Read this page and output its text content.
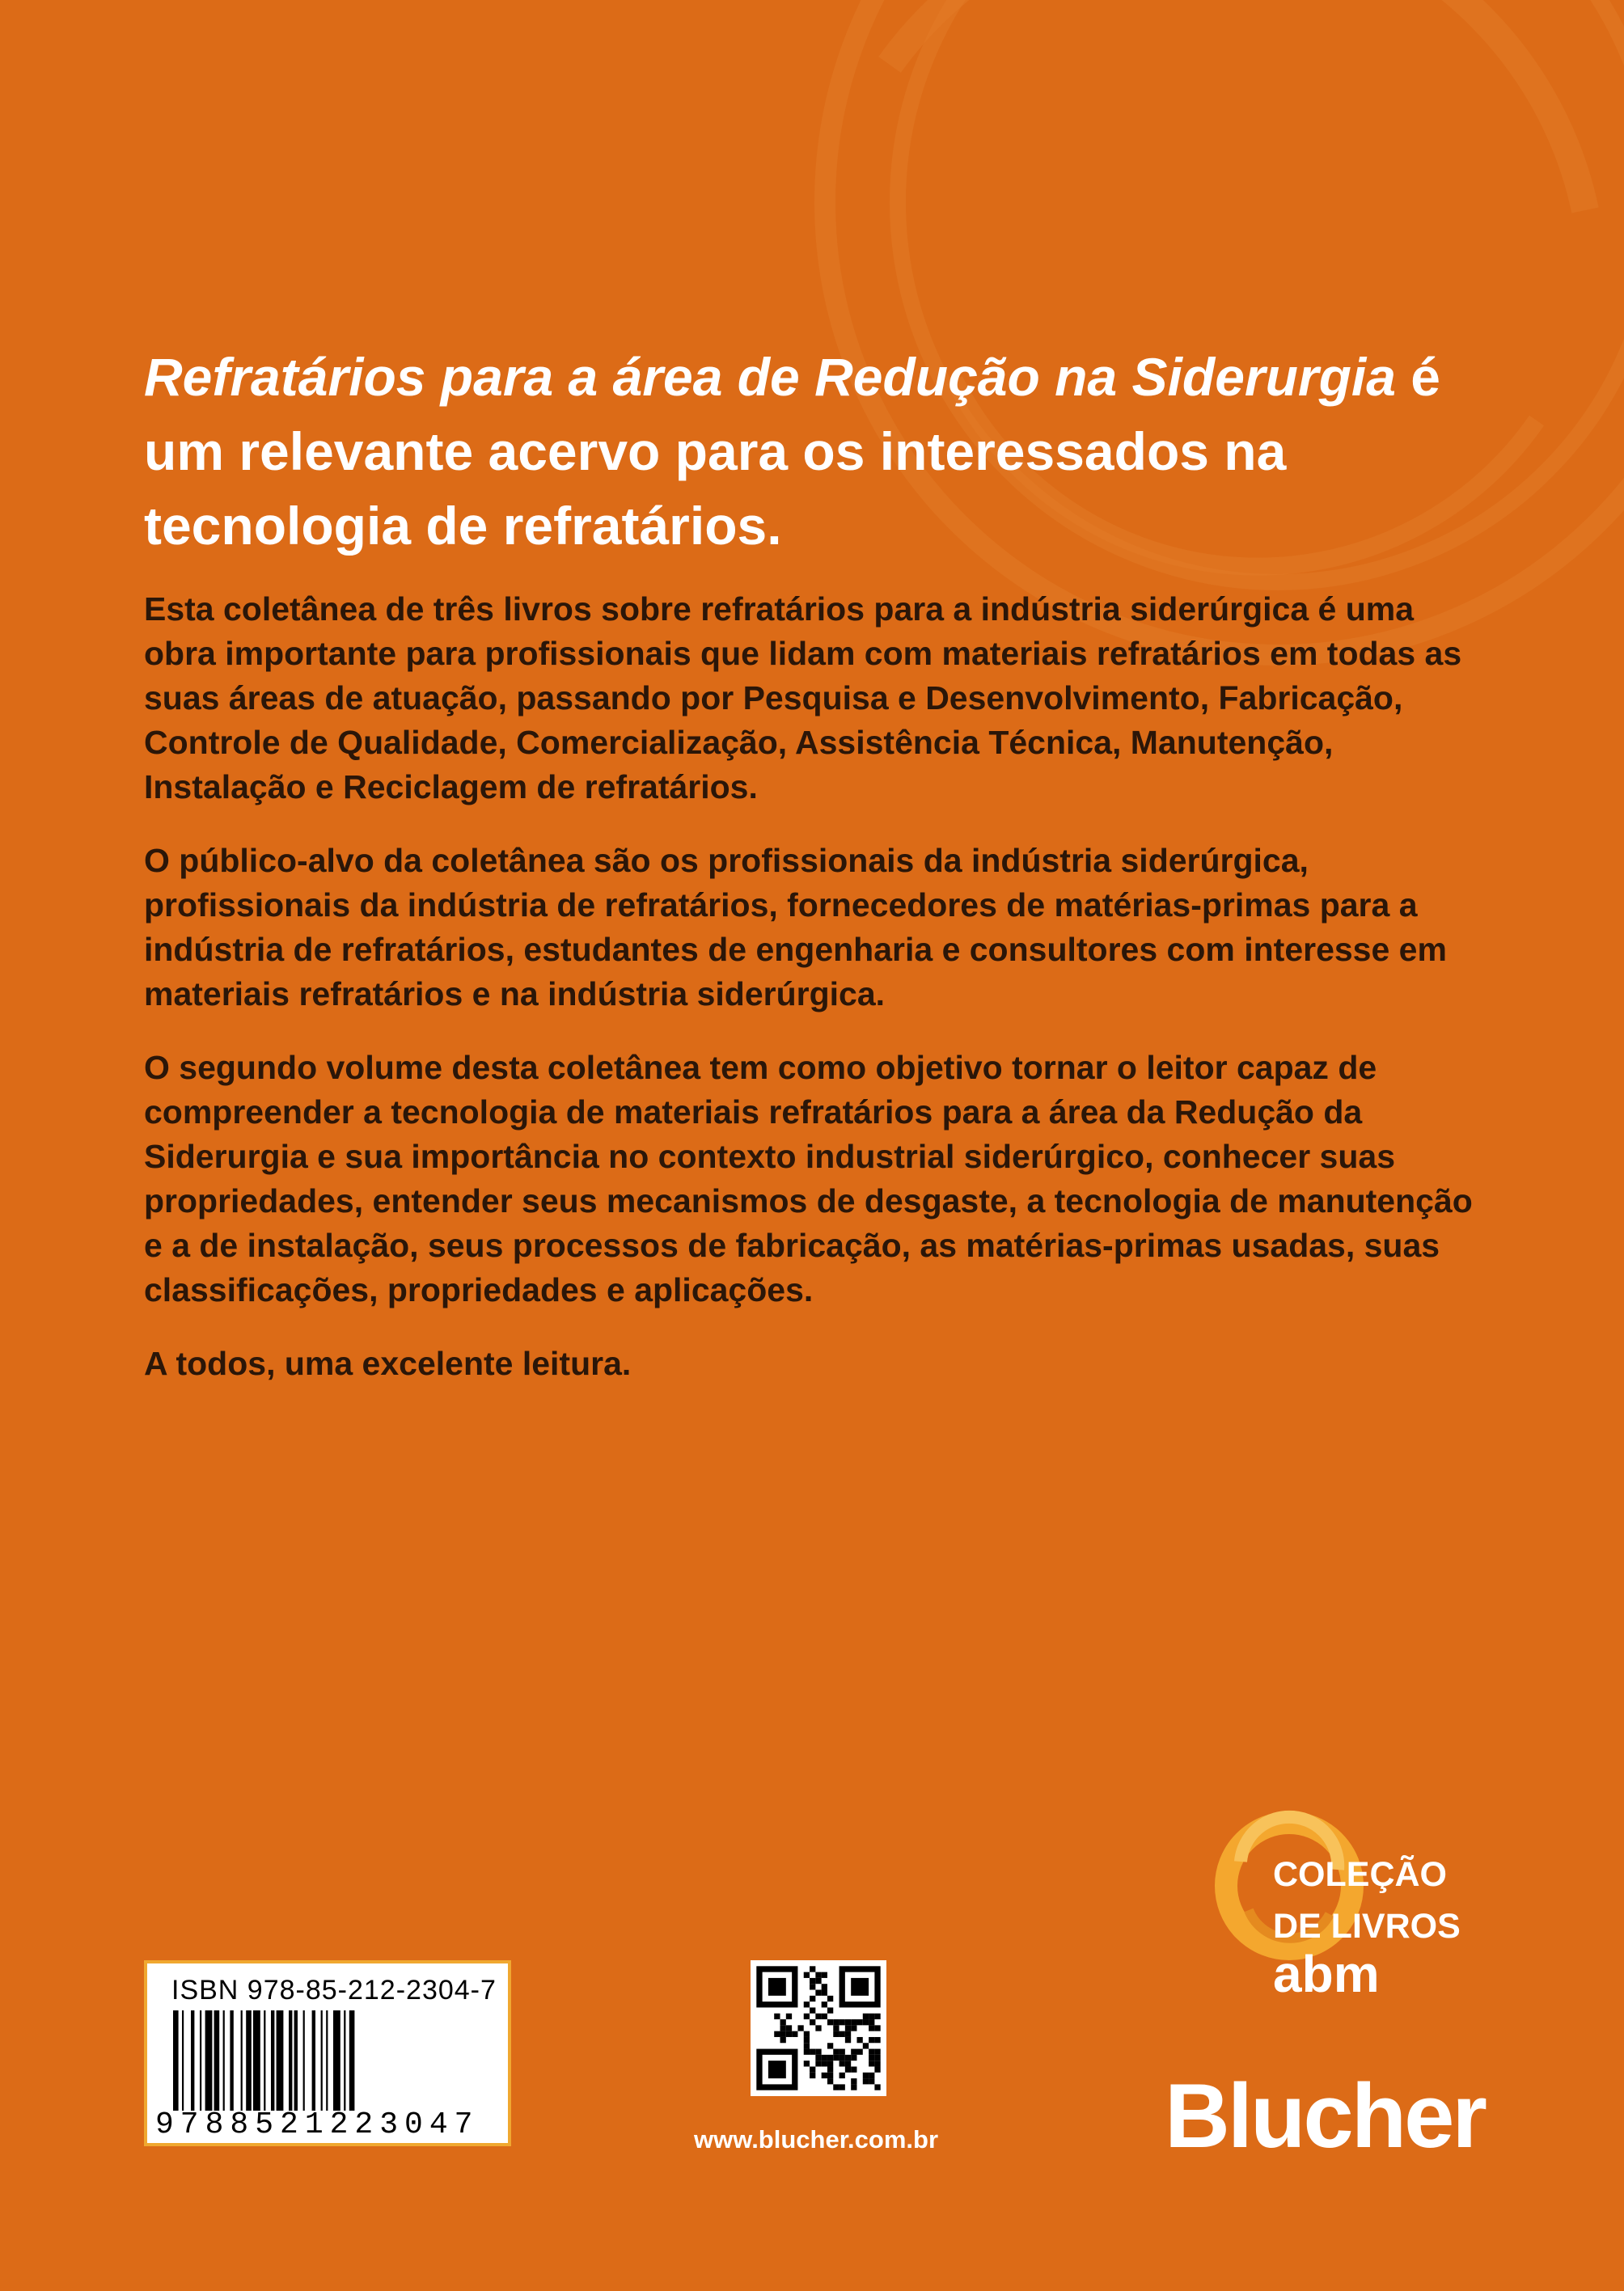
Refratários para a área de Redução na Siderurgia é um relevante acervo para os interessados na tecnologia de refratários.

Esta coletânea de três livros sobre refratários para a indústria siderúrgica é uma obra importante para profissionais que lidam com materiais refratários em todas as suas áreas de atuação, passando por Pesquisa e Desenvolvimento, Fabricação, Controle de Qualidade, Comercialização, Assistência Técnica, Manutenção, Instalação e Reciclagem de refratários.

O público-alvo da coletânea são os profissionais da indústria siderúrgica, profissionais da indústria de refratários, fornecedores de matérias-primas para a indústria de refratários, estudantes de engenharia e consultores com interesse em materiais refratários e na indústria siderúrgica.

O segundo volume desta coletânea tem como objetivo tornar o leitor capaz de compreender a tecnologia de materiais refratários para a área da Redução da Siderurgia e sua importância no contexto industrial siderúrgico, conhecer suas propriedades, entender seus mecanismos de desgaste, a tecnologia de manutenção e a de instalação, seus processos de fabricação, as matérias-primas usadas, suas classificações, propriedades e aplicações.

A todos, uma excelente leitura.

ISBN 978-85-212-2304-7
9788521223047	www.blucher.com.br
COLEÇÃO
DE LIVROS
abm
Blucher
